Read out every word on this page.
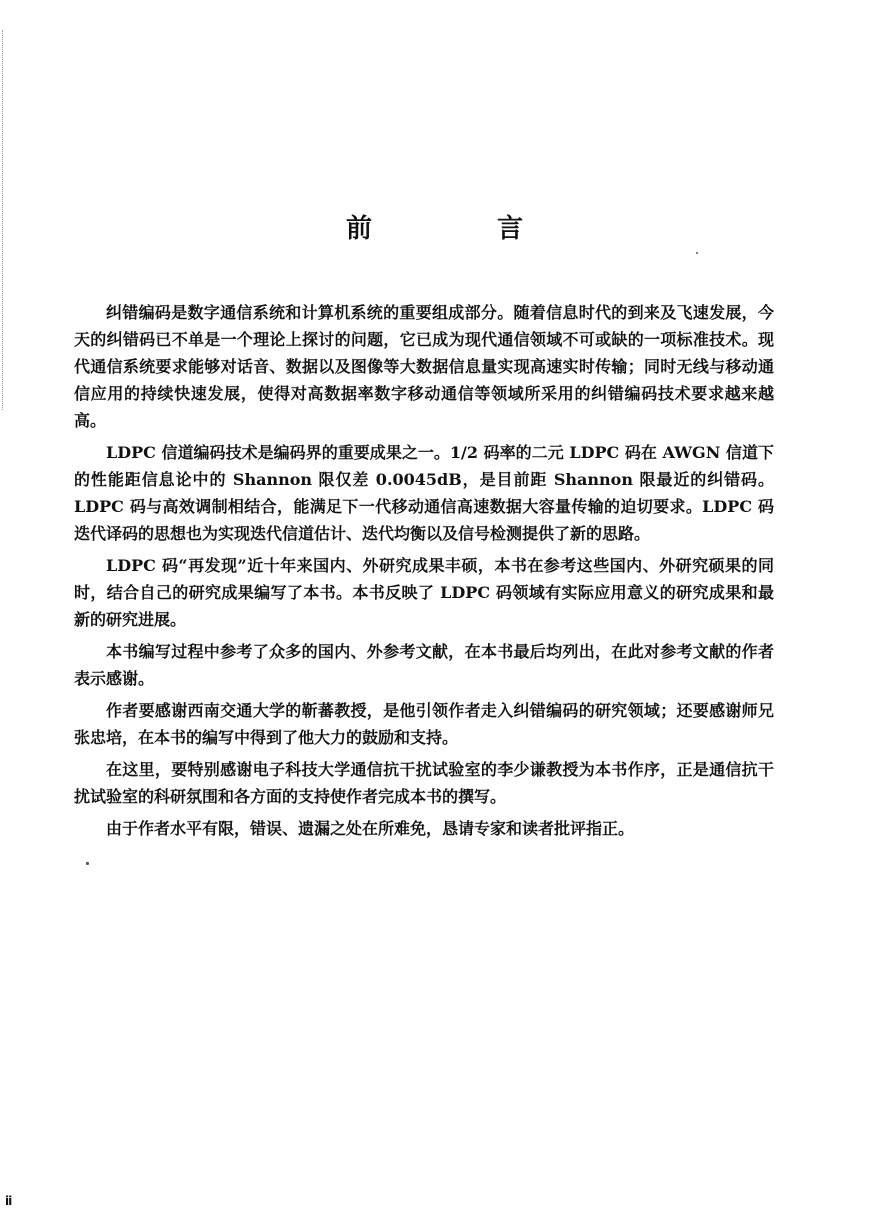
前 言

纠错编码是数字通信系统和计算机系统的重要组成部分。随着信息时代的到来及飞速发展，今天的纠错码已不单是一个理论上探讨的问题，它已成为现代通信领域不可或缺的一项标准技术。现代通信系统要求能够对话音、数据以及图像等大数据信息量实现高速实时传输；同时无线与移动通信应用的持续快速发展，使得对高数据率数字移动通信等领域所采用的纠错编码技术要求越来越高。

LDPC 信道编码技术是编码界的重要成果之一。1/2 码率的二元 LDPC 码在 AWGN 信道下的性能距信息论中的 Shannon 限仅差 0.0045dB，是目前距 Shannon 限最近的纠错码。LDPC 码与高效调制相结合，能满足下一代移动通信高速数据大容量传输的迫切要求。LDPC 码迭代译码的思想也为实现迭代信道估计、迭代均衡以及信号检测提供了新的思路。

LDPC 码“再发现”近十年来国内、外研究成果丰硕，本书在参考这些国内、外研究硕果的同时，结合自己的研究成果编写了本书。本书反映了 LDPC 码领域有实际应用意义的研究成果和最新的研究进展。

本书编写过程中参考了众多的国内、外参考文献，在本书最后均列出，在此对参考文献的作者表示感谢。

作者要感谢西南交通大学的靳蕃教授，是他引领作者走入纠错编码的研究领域；还要感谢师兄张忠培，在本书的编写中得到了他大力的鼓励和支持。

在这里，要特别感谢电子科技大学通信抗干扰试验室的李少谦教授为本书作序，正是通信抗干扰试验室的科研氛围和各方面的支持使作者完成本书的撰写。

由于作者水平有限，错误、遗漏之处在所难免，恳请专家和读者批评指正。

ⅱ
